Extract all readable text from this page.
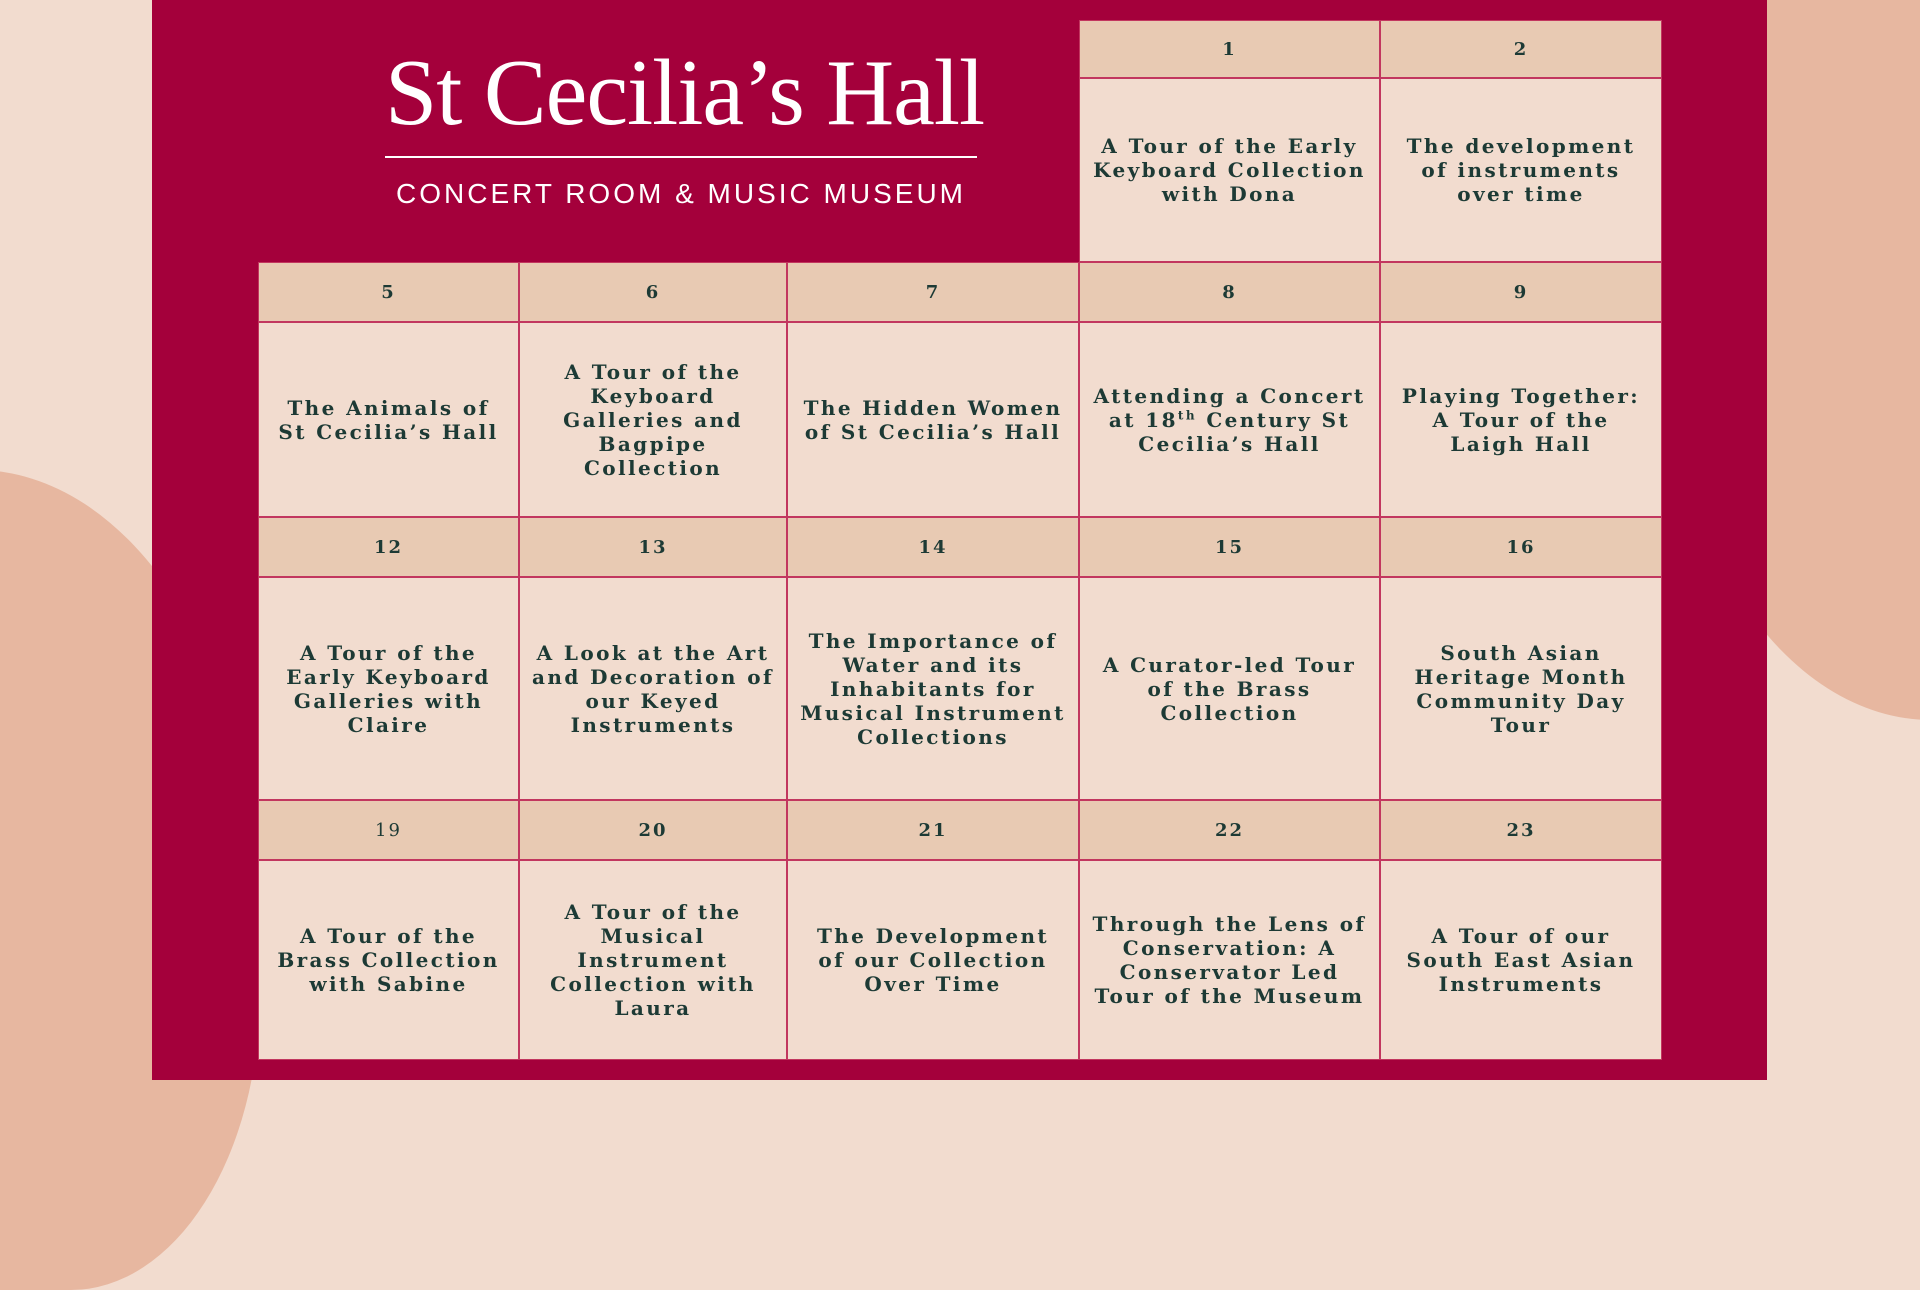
St Cecilia’s Hall
CONCERT ROOM & MUSIC MUSEUM
1	2
A Tour of the Early Keyboard Collection with Dona
The development of instruments over time
5	6	7	8	9
The Animals of St Cecilia’s Hall
A Tour of the Keyboard Galleries and Bagpipe Collection
The Hidden Women of St Cecilia’s Hall
Attending a Concert at 18th Century St Cecilia’s Hall
Playing Together: A Tour of the Laigh Hall
12	13	14	15	16
A Tour of the Early Keyboard Galleries with Claire
A Look at the Art and Decoration of our Keyed Instruments
The Importance of Water and its Inhabitants for Musical Instrument Collections
A Curator-led Tour of the Brass Collection
South Asian Heritage Month Community Day Tour
19	20	21	22	23
A Tour of the Brass Collection with Sabine
A Tour of the Musical Instrument Collection with Laura
The Development of our Collection Over Time
Through the Lens of Conservation: A Conservator Led Tour of the Museum
A Tour of our South East Asian Instruments
